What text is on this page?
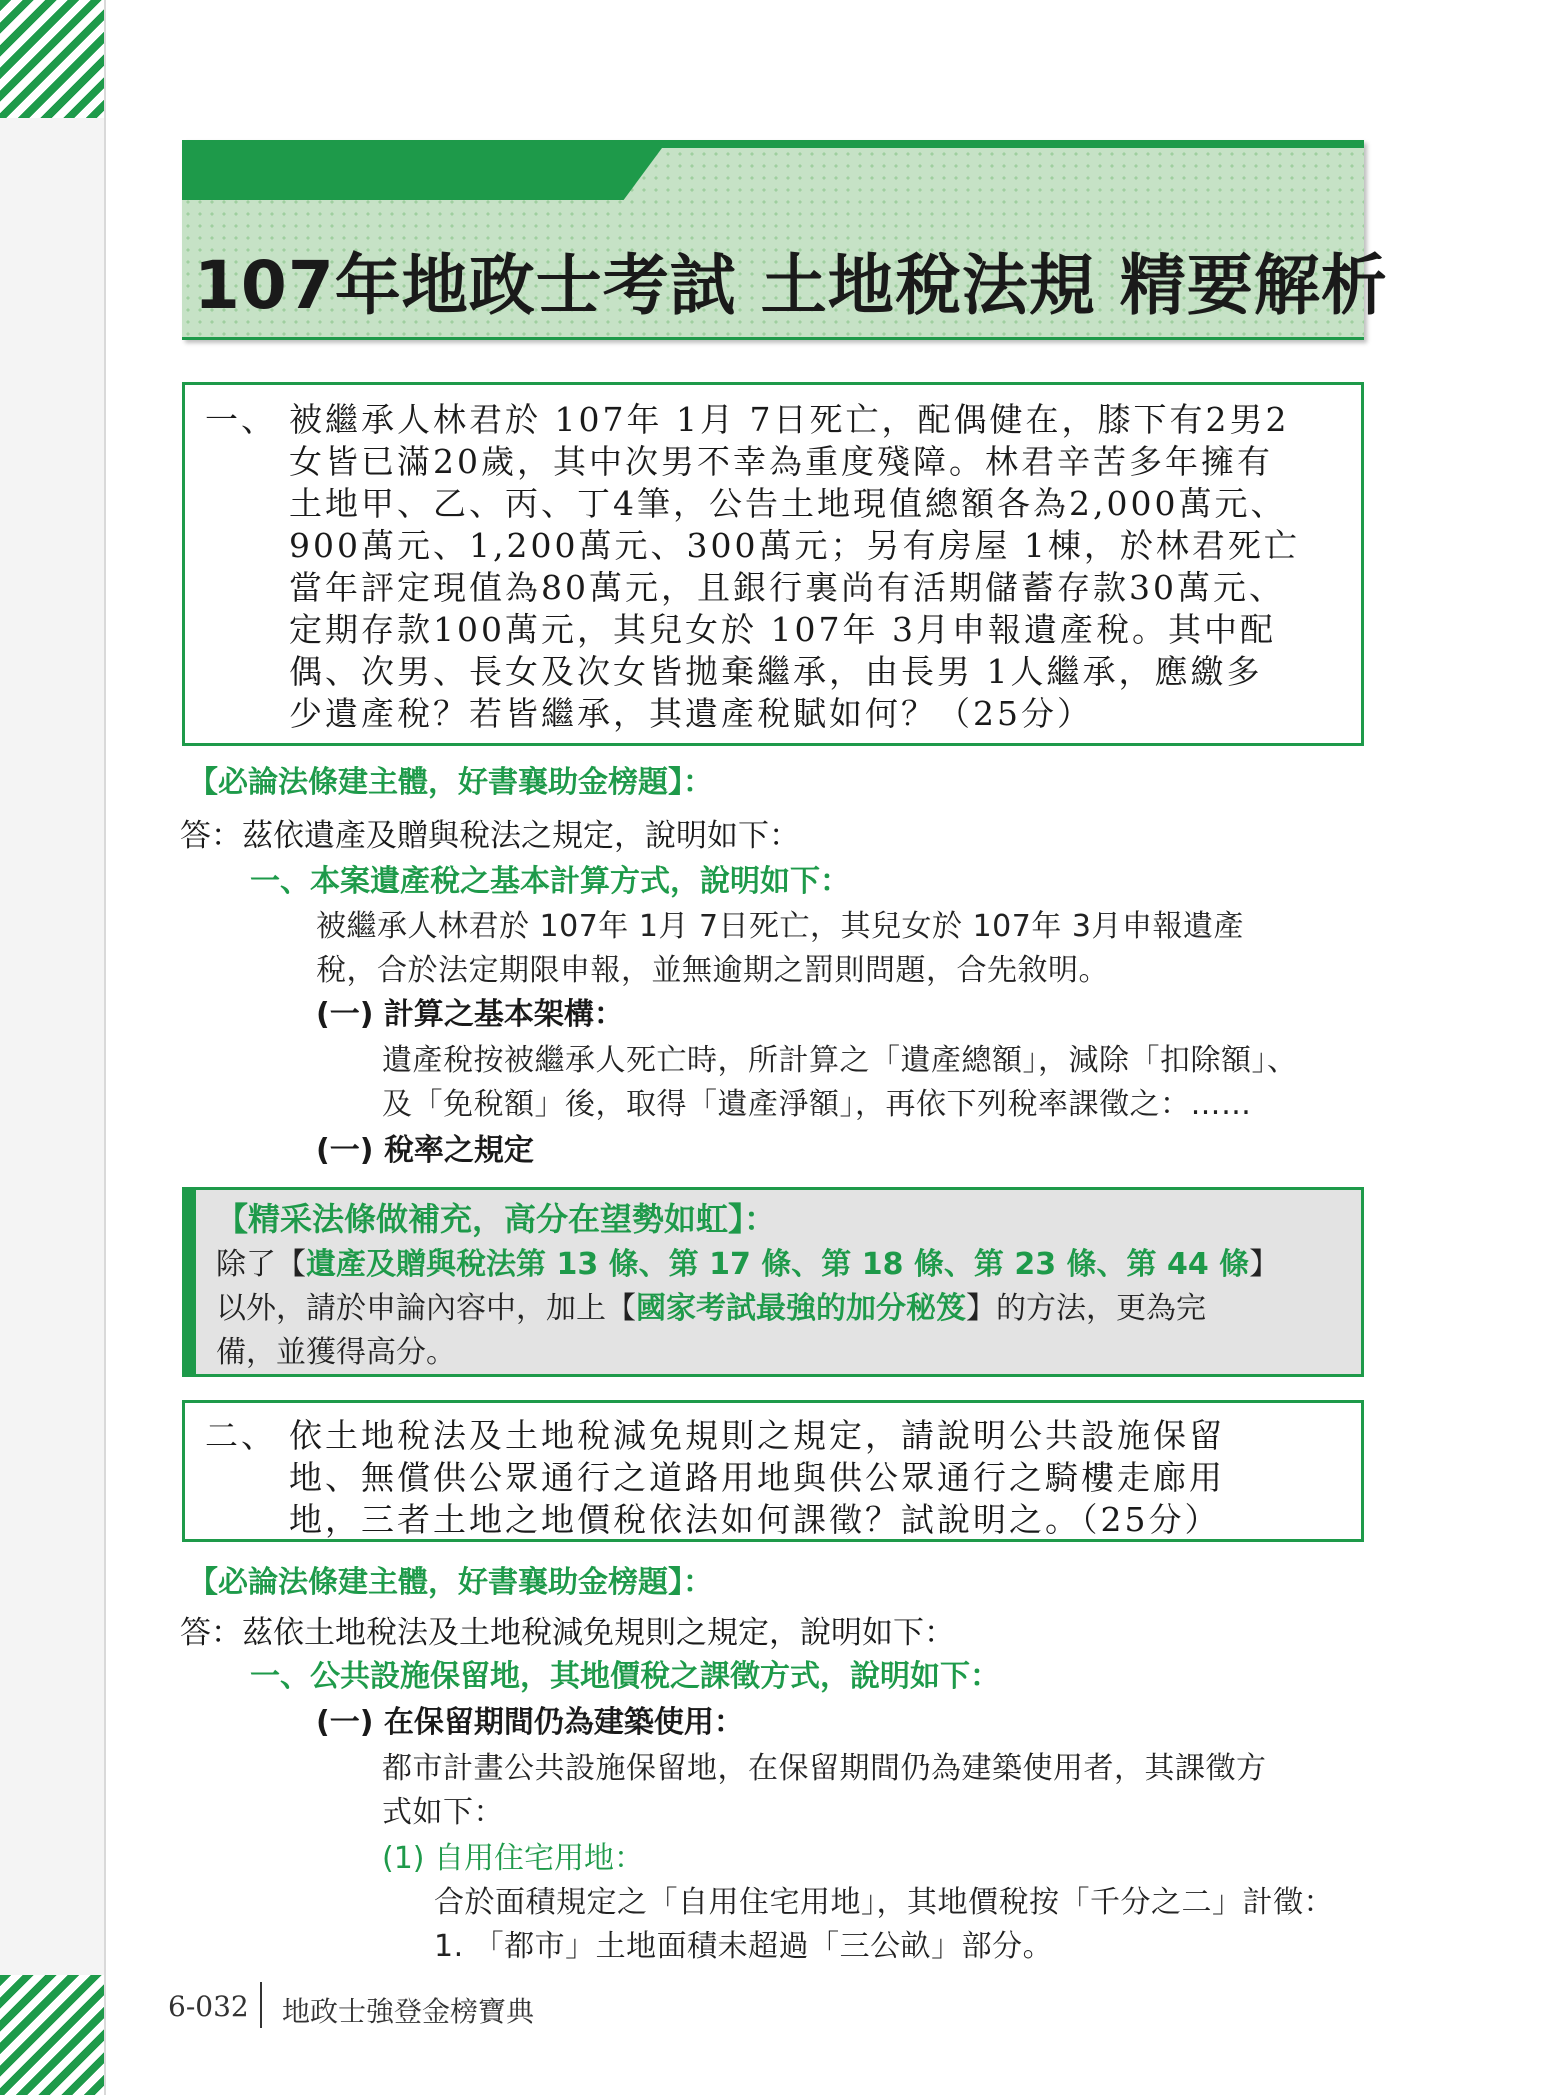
107年地政士考試 土地稅法規 精要解析
一、 被繼承人林君於 107年 1月 7日死亡，配偶健在，膝下有2男2
女皆已滿20歲，其中次男不幸為重度殘障。林君辛苦多年擁有
土地甲、乙、丙、丁4筆，公告土地現值總額各為2,000萬元、
900萬元、1,200萬元、300萬元；另有房屋 1棟，於林君死亡
當年評定現值為80萬元，且銀行裏尚有活期儲蓄存款30萬元、
定期存款100萬元，其兒女於 107年 3月申報遺產稅。其中配
偶、次男、長女及次女皆拋棄繼承，由長男 1人繼承，應繳多
少遺產稅？若皆繼承，其遺產稅賦如何？（25分）
【必論法條建主體，好書襄助金榜題】：
答：茲依遺產及贈與稅法之規定，說明如下：
一、本案遺產稅之基本計算方式，說明如下：
被繼承人林君於 107年 1月 7日死亡，其兒女於 107年 3月申報遺產
稅，合於法定期限申報，並無逾期之罰則問題，合先敘明。
(一) 計算之基本架構：
遺產稅按被繼承人死亡時，所計算之「遺產總額」，減除「扣除額」、
及「免稅額」後，取得「遺產淨額」，再依下列稅率課徵之：……
(一) 稅率之規定
【精采法條做補充，高分在望勢如虹】：
除了【遺產及贈與稅法第 13 條、第 17 條、第 18 條、第 23 條、第 44 條】
以外，請於申論內容中，加上【國家考試最強的加分秘笈】的方法，更為完
備，並獲得高分。
二、 依土地稅法及土地稅減免規則之規定，請說明公共設施保留
地、無償供公眾通行之道路用地與供公眾通行之騎樓走廊用
地，三者土地之地價稅依法如何課徵？試說明之。（25分）
【必論法條建主體，好書襄助金榜題】：
答：茲依土地稅法及土地稅減免規則之規定，說明如下：
一、公共設施保留地，其地價稅之課徵方式，說明如下：
(一) 在保留期間仍為建築使用：
都市計畫公共設施保留地，在保留期間仍為建築使用者，其課徵方
式如下：
(1) 自用住宅用地：
合於面積規定之「自用住宅用地」，其地價稅按「千分之二」計徵：
1. 「都市」土地面積未超過「三公畝」部分。
6-032 地政士強登金榜寶典
